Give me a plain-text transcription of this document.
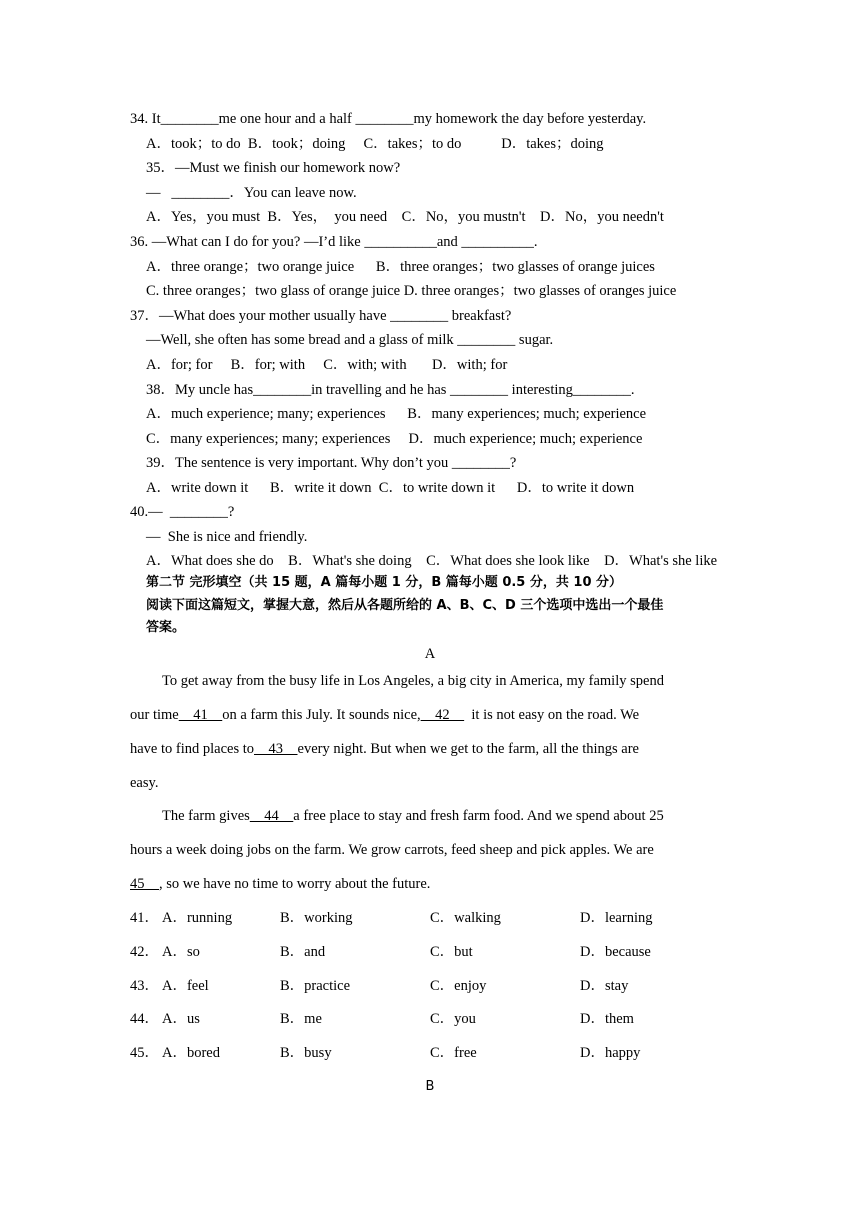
34. It________me one hour and a half ________my homework the day before yesterday.
A．took；to do  B．took；doing     C．takes；to do           D．takes；doing
35．—Must we finish our homework now?
—   ________．You can leave now.
A．Yes，you must  B．Yes，  you need    C．No，you mustn't    D．No，you needn't
36. —What can I do for you? —I’d like __________and __________.
A．three orange；two orange juice      B．three oranges；two glasses of orange juices
C. three oranges；two glass of orange juice D. three oranges；two glasses of oranges juice
37．—What does your mother usually have ________ breakfast?
—Well, she often has some bread and a glass of milk ________ sugar.
A．for; for     B．for; with     C．with; with       D．with; for
38．My uncle has________in travelling and he has ________ interesting________.
A．much experience; many; experiences      B．many experiences; much; experience
C．many experiences; many; experiences     D．much experience; much; experience
39．The sentence is very important. Why don’t you ________?
A．write down it      B．write it down  C．to write down it      D．to write it down
40.—  ________?
—  She is nice and friendly.
A．What does she do    B．What's she doing    C．What does she look like    D．What's she like
第二节 完形填空（共 15 题，A 篇每小题 1 分，B 篇每小题 0.5 分，共 10 分）
阅读下面这篇短文，掌握大意，然后从各题所给的 A、B、C、D 三个选项中选出一个最佳
答案。
A
To get away from the busy life in Los Angeles, a big city in America, my family spend
our time    41    on a farm this July. It sounds nice,    42      it is not easy on the road. We
have to find places to    43    every night. But when we get to the farm, all the things are
easy.
The farm gives    44    a free place to stay and fresh farm food. And we spend about 25
hours a week doing jobs on the farm. We grow carrots, feed sheep and pick apples. We are
45    , so we have no time to worry about the future.
41． A．running	B．working	C．walking	D．learning
42． A．so	B．and	C．but	D．because
43． A．feel	B．practice	C．enjoy	D．stay
44． A．us	B．me	C．you	D．them
45． A．bored	B．busy	C．free	D．happy
B
